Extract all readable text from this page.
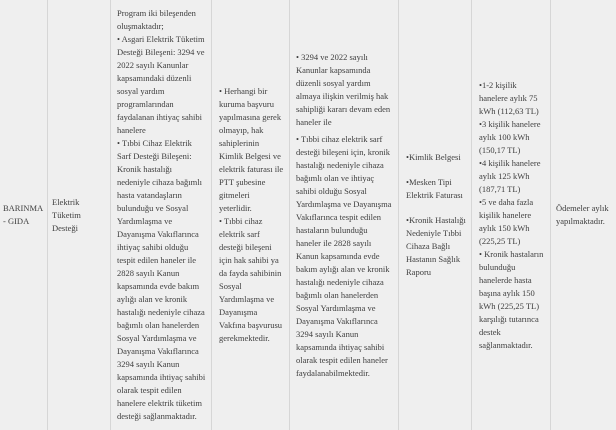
BARINMA - GIDA

Elektrik Tüketim Desteği

Program iki bileşenden oluşmaktadır;

• Asgari Elektrik Tüketim Desteği Bileşeni: 3294 ve 2022 sayılı Kanunlar kapsamındaki düzenli sosyal yardım programlarından faydalanan ihtiyaç sahibi hanelere

• Tıbbi Cihaz Elektrik Sarf Desteği Bileşeni: Kronik hastalığı nedeniyle cihaza bağımlı hasta vatandaşların bulunduğu ve Sosyal Yardımlaşma ve Dayanışma Vakıflarınca ihtiyaç sahibi olduğu tespit edilen haneler ile 2828 sayılı Kanun kapsamında evde bakım aylığı alan ve kronik hastalığı nedeniyle cihaza bağımlı olan hanelerden Sosyal Yardımlaşma ve Dayanışma Vakıflarınca 3294 sayılı Kanun kapsamında ihtiyaç sahibi olarak tespit edilen hanelere elektrik tüketim desteği sağlanmaktadır.

• Herhangi bir kuruma başvuru yapılmasına gerek olmayıp, hak sahiplerinin Kimlik Belgesi ve elektrik faturası ile PTT şubesine gitmeleri yeterlidir.

• Tıbbi cihaz elektrik sarf desteği bileşeni için hak sahibi ya da fayda sahibinin Sosyal Yardımlaşma ve Dayanışma Vakfına başvurusu gerekmektedir.

• 3294 ve 2022 sayılı Kanunlar kapsamında düzenli sosyal yardım almaya ilişkin verilmiş hak sahipliği kararı devam eden haneler ile

• Tıbbi cihaz elektrik sarf desteği bileşeni için, kronik hastalığı nedeniyle cihaza bağımlı olan ve ihtiyaç sahibi olduğu Sosyal Yardımlaşma ve Dayanışma Vakıflarınca tespit edilen hastaların bulunduğu haneler ile 2828 sayılı Kanun kapsamında evde bakım aylığı alan ve kronik hastalığı nedeniyle cihaza bağımlı olan hanelerden Sosyal Yardımlaşma ve Dayanışma Vakıflarınca 3294 sayılı Kanun kapsamında ihtiyaç sahibi olarak tespit edilen haneler faydalanabilmektedir.

•Kimlik Belgesi

•Mesken Tipi Elektrik Faturası

•Kronik Hastalığı Nedeniyle Tıbbi Cihaza Bağlı Hastanın Sağlık Raporu

•1-2 kişilik hanelere aylık 75 kWh (112,63 TL)

•3 kişilik hanelere aylık 100 kWh (150,17 TL)

•4 kişilik hanelere aylık 125 kWh (187,71 TL)

•5 ve daha fazla kişilik hanelere aylık 150 kWh (225,25 TL)

• Kronik hastaların bulunduğu hanelerde hasta başına aylık 150 kWh (225,25 TL) karşılığı tutarınca destek sağlanmaktadır.

Ödemeler aylık yapılmaktadır.
